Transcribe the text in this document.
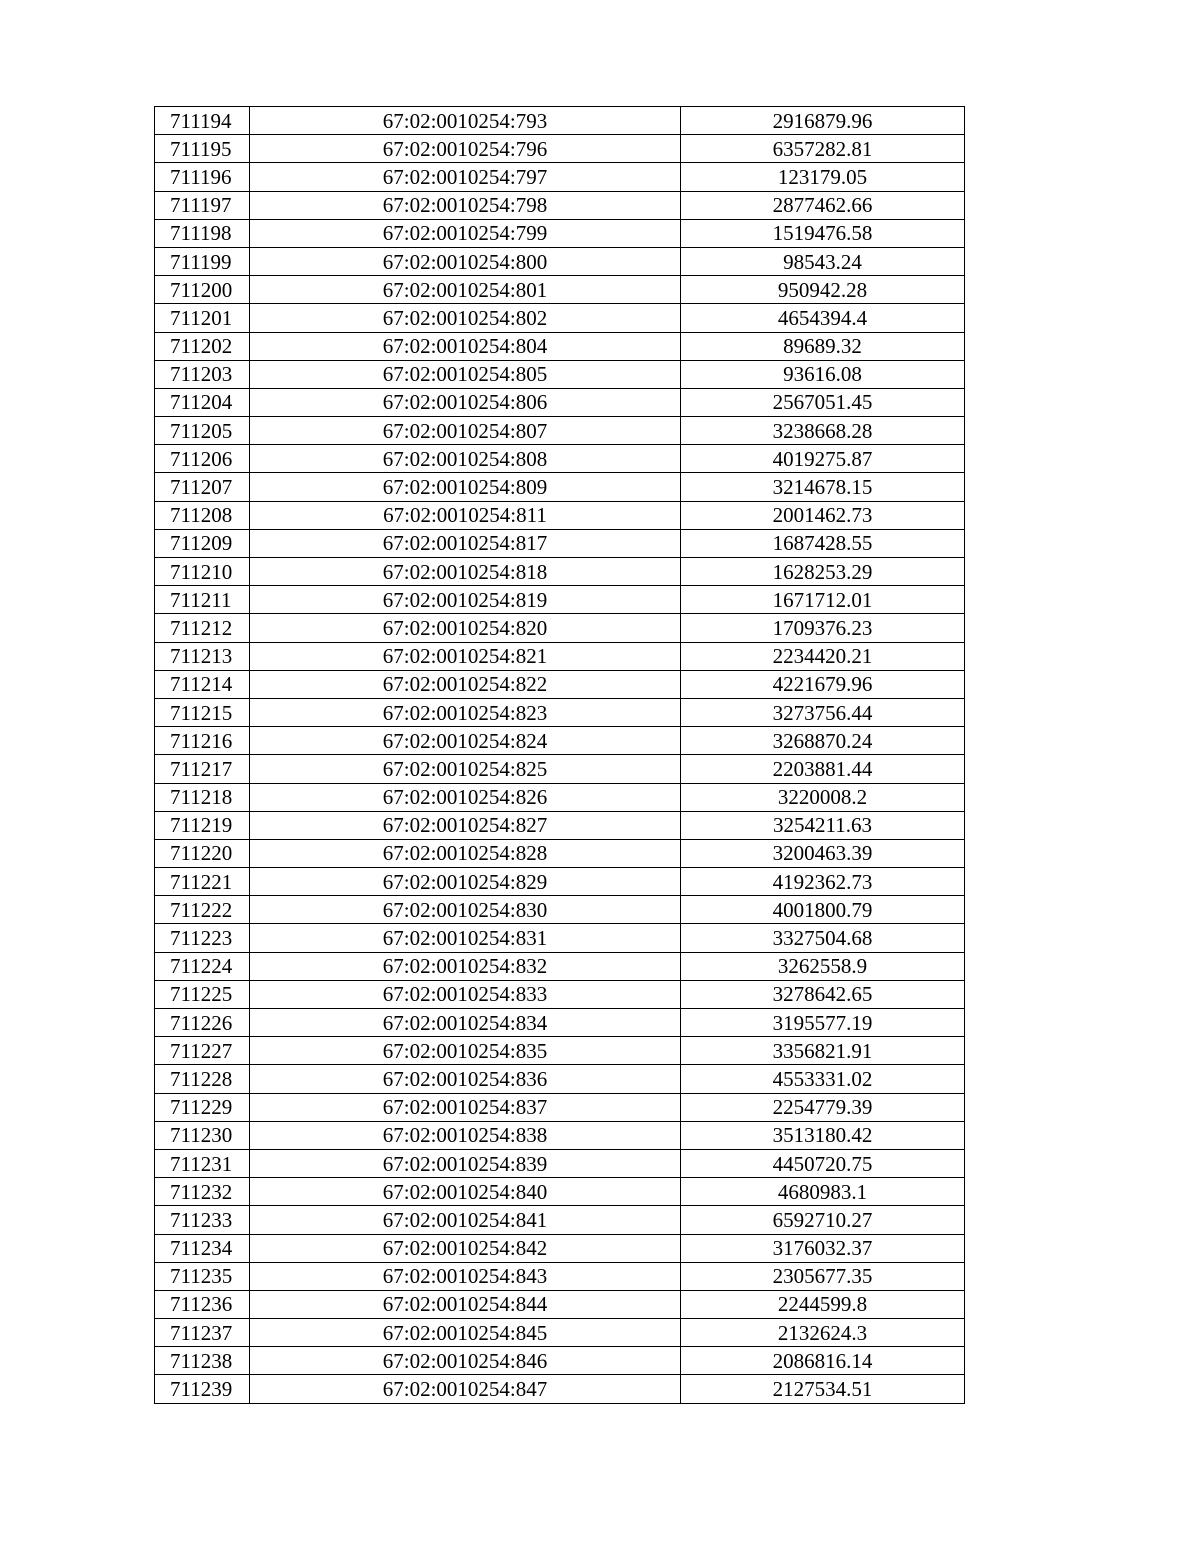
711194	67:02:0010254:793	2916879.96
711195	67:02:0010254:796	6357282.81
711196	67:02:0010254:797	123179.05
711197	67:02:0010254:798	2877462.66
711198	67:02:0010254:799	1519476.58
711199	67:02:0010254:800	98543.24
711200	67:02:0010254:801	950942.28
711201	67:02:0010254:802	4654394.4
711202	67:02:0010254:804	89689.32
711203	67:02:0010254:805	93616.08
711204	67:02:0010254:806	2567051.45
711205	67:02:0010254:807	3238668.28
711206	67:02:0010254:808	4019275.87
711207	67:02:0010254:809	3214678.15
711208	67:02:0010254:811	2001462.73
711209	67:02:0010254:817	1687428.55
711210	67:02:0010254:818	1628253.29
711211	67:02:0010254:819	1671712.01
711212	67:02:0010254:820	1709376.23
711213	67:02:0010254:821	2234420.21
711214	67:02:0010254:822	4221679.96
711215	67:02:0010254:823	3273756.44
711216	67:02:0010254:824	3268870.24
711217	67:02:0010254:825	2203881.44
711218	67:02:0010254:826	3220008.2
711219	67:02:0010254:827	3254211.63
711220	67:02:0010254:828	3200463.39
711221	67:02:0010254:829	4192362.73
711222	67:02:0010254:830	4001800.79
711223	67:02:0010254:831	3327504.68
711224	67:02:0010254:832	3262558.9
711225	67:02:0010254:833	3278642.65
711226	67:02:0010254:834	3195577.19
711227	67:02:0010254:835	3356821.91
711228	67:02:0010254:836	4553331.02
711229	67:02:0010254:837	2254779.39
711230	67:02:0010254:838	3513180.42
711231	67:02:0010254:839	4450720.75
711232	67:02:0010254:840	4680983.1
711233	67:02:0010254:841	6592710.27
711234	67:02:0010254:842	3176032.37
711235	67:02:0010254:843	2305677.35
711236	67:02:0010254:844	2244599.8
711237	67:02:0010254:845	2132624.3
711238	67:02:0010254:846	2086816.14
711239	67:02:0010254:847	2127534.51
